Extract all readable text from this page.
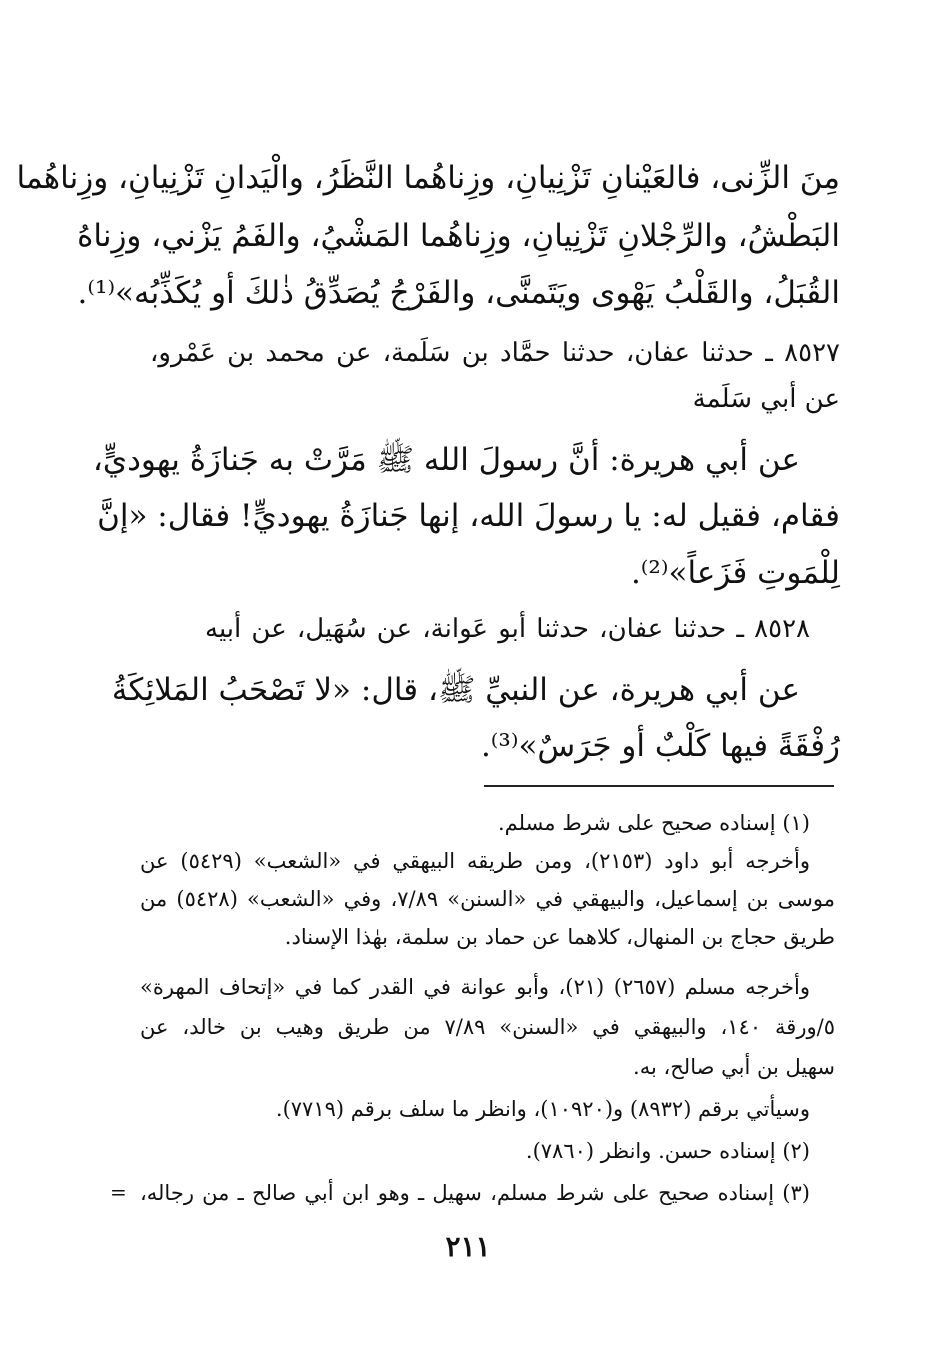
مِنَ الزِّنى، فالعَيْنانِ تَزْنِيانِ، وزِناهُما النَّظَرُ، والْيَدانِ تَزْنِيانِ، وزِناهُما
البَطْشُ، والرِّجْلانِ تَزْنِيانِ، وزِناهُما المَشْيُ، والفَمُ يَزْني، وزِناهُ
القُبَلُ، والقَلْبُ يَهْوى ويَتَمنَّى، والفَرْجُ يُصَدِّقُ ذٰلكَ أو يُكَذِّبُه»⁽¹⁾.
٨٥٢٧ ـ حدثنا عفان، حدثنا حمَّاد بن سَلَمة، عن محمد بن عَمْرو،
عن أبي سَلَمة
عن أبي هريرة: أنَّ رسولَ الله ﷺ مَرَّتْ به جَنازَةُ يهوديٍّ،
فقام، فقيل له: يا رسولَ الله، إنها جَنازَةُ يهوديٍّ! فقال: «إنَّ
لِلْمَوتِ فَزَعاً»⁽²⁾.
٨٥٢٨ ـ حدثنا عفان، حدثنا أبو عَوانة، عن سُهَيل، عن أبيه
عن أبي هريرة، عن النبيِّ ﷺ، قال: «لا تَصْحَبُ المَلائِكَةُ
رُفْقَةً فيها كَلْبٌ أو جَرَسٌ»⁽³⁾.
(١) إسناده صحيح على شرط مسلم.
وأخرجه أبو داود (٢١٥٣)، ومن طريقه البيهقي في «الشعب» (٥٤٢٩) عن
موسى بن إسماعيل، والبيهقي في «السنن» ٧/٨٩، وفي «الشعب» (٥٤٢٨) من
طريق حجاج بن المنهال، كلاهما عن حماد بن سلمة، بهٰذا الإسناد.
وأخرجه مسلم (٢٦٥٧) (٢١)، وأبو عوانة في القدر كما في «إتحاف المهرة»
٥/ورقة ١٤٠، والبيهقي في «السنن» ٧/٨٩ من طريق وهيب بن خالد، عن
سهيل بن أبي صالح، به.
وسيأتي برقم (٨٩٣٢) و(١٠٩٢٠)، وانظر ما سلف برقم (٧٧١٩).
(٢) إسناده حسن. وانظر (٧٨٦٠).
(٣) إسناده صحيح على شرط مسلم، سهيل ـ وهو ابن أبي صالح ـ من رجاله،
=
٢١١
